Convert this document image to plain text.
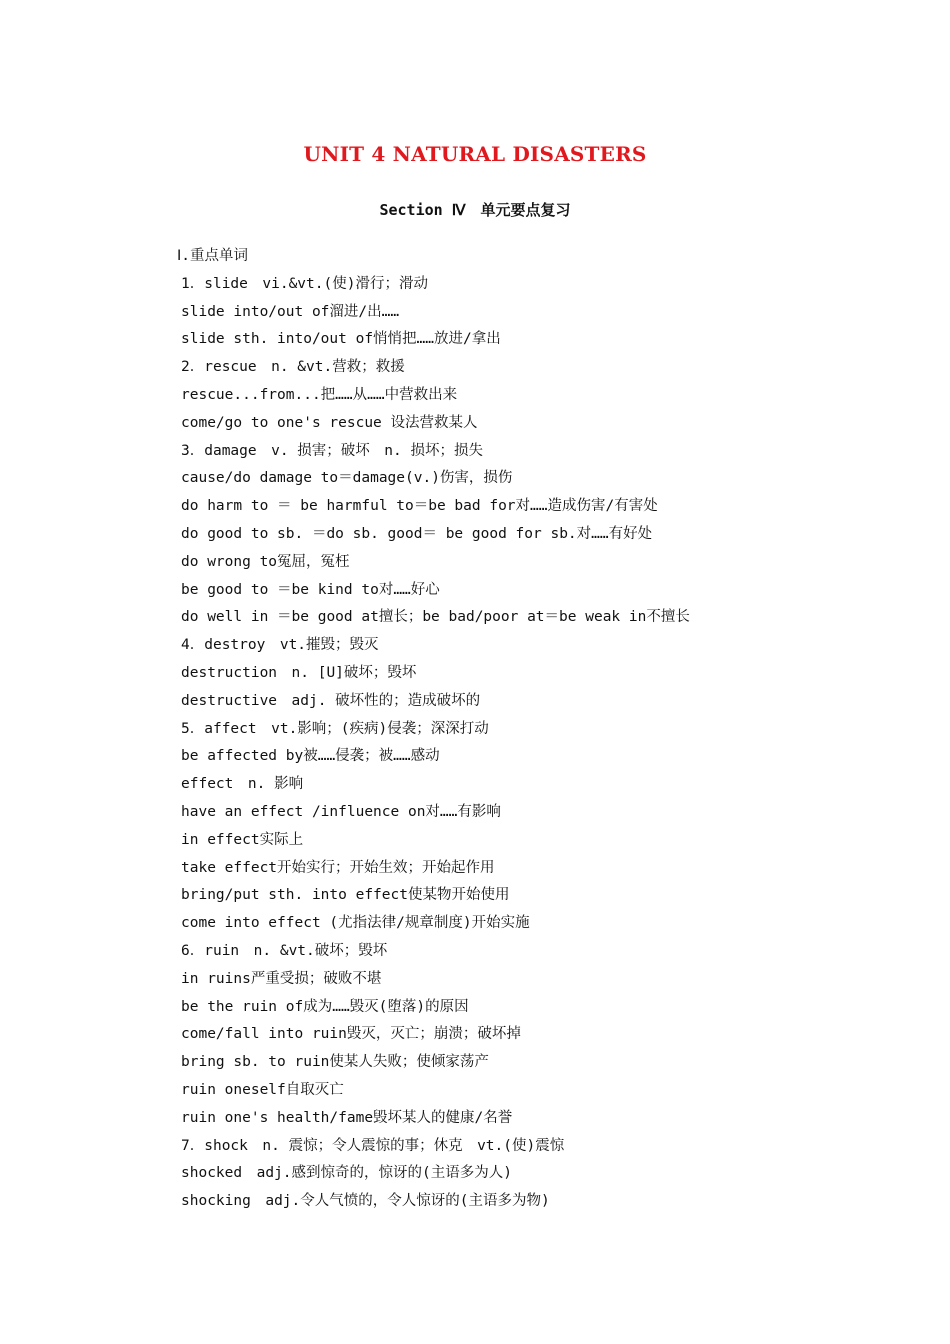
UNIT 4 NATURAL DISASTERS
Section Ⅳ　单元要点复习
Ⅰ.重点单词
1．slide　vi.&vt.(使)滑行；滑动
slide into/out of溜进/出……
slide sth. into/out of悄悄把……放进/拿出
2．rescue　n. &vt.营救；救援
rescue...from...把……从……中营救出来
come/go to one's rescue 设法营救某人
3．damage　v. 损害；破坏　n. 损坏；损失
cause/do damage to＝damage(v.)伤害，损伤
do harm to ＝ be harmful to＝be bad for对……造成伤害/有害处
do good to sb. ＝do sb. good＝ be good for sb.对……有好处
do wrong to冤屈，冤枉
be good to ＝be kind to对……好心
do well in ＝be good at擅长；be bad/poor at＝be weak in不擅长
4．destroy　vt.摧毁；毁灭
destruction　n. [U]破坏；毁坏
destructive　adj. 破坏性的；造成破坏的
5．affect　vt.影响；(疾病)侵袭；深深打动
be affected by被……侵袭；被……感动
effect　n. 影响
have an effect /influence on对……有影响
in effect实际上
take effect开始实行；开始生效；开始起作用
bring/put sth. into effect使某物开始使用
come into effect (尤指法律/规章制度)开始实施
6．ruin　n. &vt.破坏；毁坏
in ruins严重受损；破败不堪
be the ruin of成为……毁灭(堕落)的原因
come/fall into ruin毁灭，灭亡；崩溃；破坏掉
bring sb. to ruin使某人失败；使倾家荡产
ruin oneself自取灭亡
ruin one's health/fame毁坏某人的健康/名誉
7．shock　n. 震惊；令人震惊的事；休克　vt.(使)震惊
shocked　adj.感到惊奇的，惊讶的(主语多为人)
shocking　adj.令人气愤的，令人惊讶的(主语多为物)
